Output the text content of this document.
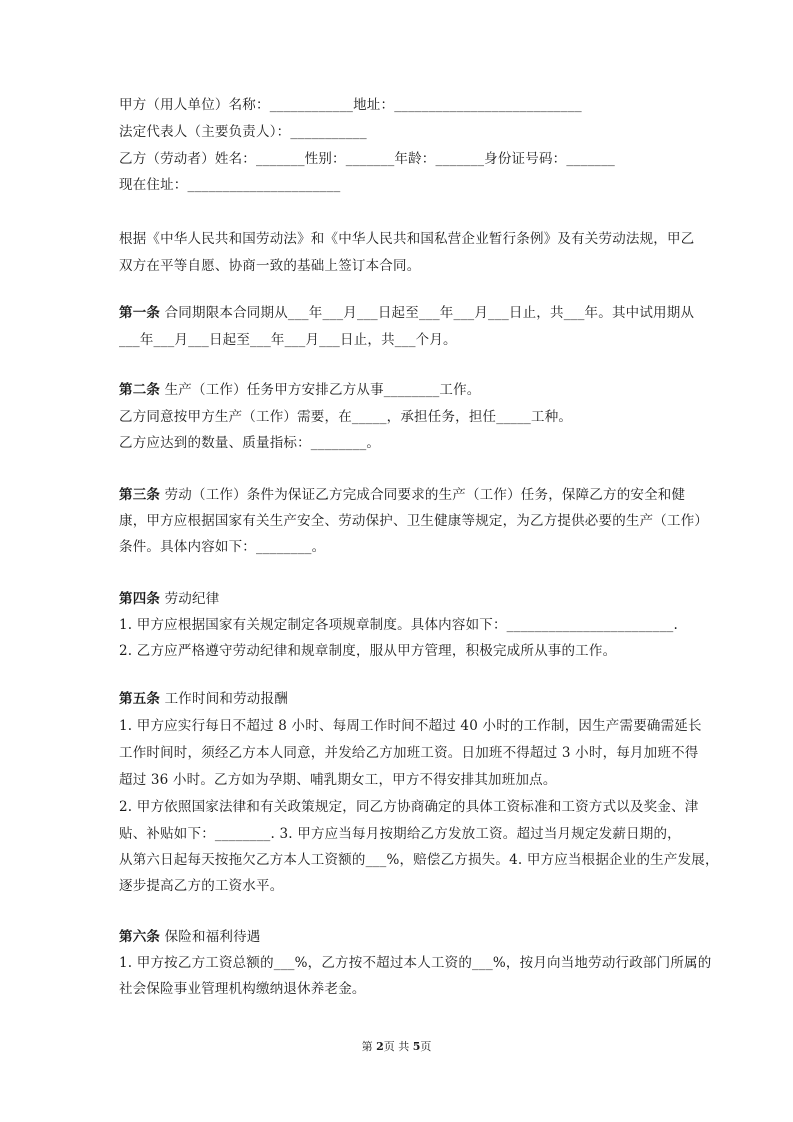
甲方（用人单位）名称：____________地址：___________________________
法定代表人（主要负责人）：___________
乙方（劳动者）姓名：_______性别：_______年龄：_______身份证号码：_______
现在住址：______________________
根据《中华人民共和国劳动法》和《中华人民共和国私营企业暂行条例》及有关劳动法规，甲乙
双方在平等自愿、协商一致的基础上签订本合同。
第一条 合同期限本合同期从___年___月___日起至___年___月___日止，共___年。其中试用期从
___年___月___日起至___年___月___日止，共___个月。
第二条 生产（工作）任务甲方安排乙方从事________工作。
乙方同意按甲方生产（工作）需要，在_____，承担任务，担任_____工种。
乙方应达到的数量、质量指标：________。
第三条 劳动（工作）条件为保证乙方完成合同要求的生产（工作）任务，保障乙方的安全和健
康，甲方应根据国家有关生产安全、劳动保护、卫生健康等规定，为乙方提供必要的生产（工作）
条件。具体内容如下：________。
第四条 劳动纪律
1. 甲方应根据国家有关规定制定各项规章制度。具体内容如下：________________________.
2. 乙方应严格遵守劳动纪律和规章制度，服从甲方管理，积极完成所从事的工作。
第五条 工作时间和劳动报酬
1. 甲方应实行每日不超过 8 小时、每周工作时间不超过 40 小时的工作制，因生产需要确需延长
工作时间时，须经乙方本人同意，并发给乙方加班工资。日加班不得超过 3 小时，每月加班不得
超过 36 小时。乙方如为孕期、哺乳期女工，甲方不得安排其加班加点。
2. 甲方依照国家法律和有关政策规定，同乙方协商确定的具体工资标准和工资方式以及奖金、津
贴、补贴如下：________. 3. 甲方应当每月按期给乙方发放工资。超过当月规定发薪日期的，
从第六日起每天按拖欠乙方本人工资额的___%，赔偿乙方损失。4. 甲方应当根据企业的生产发展，
逐步提高乙方的工资水平。
第六条 保险和福利待遇
1. 甲方按乙方工资总额的___%，乙方按不超过本人工资的___%，按月向当地劳动行政部门所属的
社会保险事业管理机构缴纳退休养老金。
第 2页 共 5页
